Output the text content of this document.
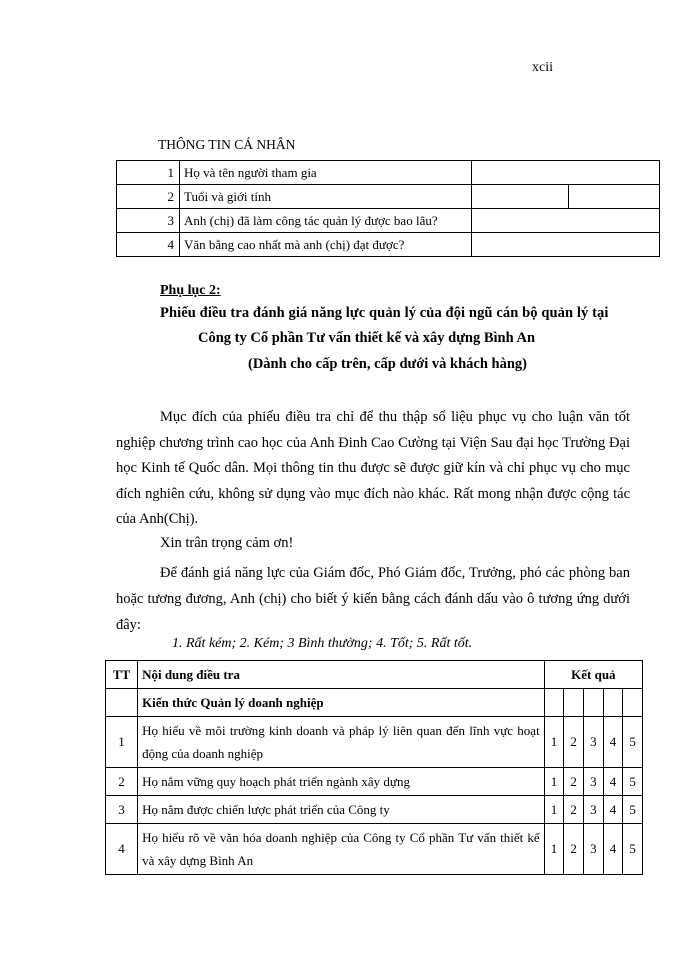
xcii
THÔNG TIN CÁ NHÂN
1	Họ và tên người tham gia		
2	Tuổi và giới tính		
3	Anh (chị) đã làm công tác quản lý được bao lâu?		
4	Văn bằng cao nhất mà anh (chị) đạt được?		
Phụ lục 2:
Phiếu điều tra đánh giá năng lực quản lý của đội ngũ cán bộ quản lý tại
Công ty Cổ phần Tư vấn thiết kế và xây dựng Bình An
(Dành cho cấp trên, cấp dưới và khách hàng)

Mục đích của phiếu điều tra chỉ để thu thập số liệu phục vụ cho luận văn tốt nghiệp chương trình cao học của Anh Đinh Cao Cường tại Viện Sau đại học Trường Đại học Kinh tế Quốc dân. Mọi thông tin thu được sẽ được giữ kín và chỉ phục vụ cho mục đích nghiên cứu, không sử dụng vào mục đích nào khác. Rất mong nhận được cộng tác của Anh(Chị).

Xin trân trọng cảm ơn!

Để đánh giá năng lực của Giám đốc, Phó Giám đốc, Trưởng, phó các phòng ban hoặc tương đương, Anh (chị) cho biết ý kiến bằng cách đánh dấu vào ô tương ứng dưới đây:

1. Rất kém; 2. Kém; 3 Bình thường; 4. Tốt; 5. Rất tốt.
TT	Nội dung điều tra	Kết quả				
	Kiến thức Quản lý doanh nghiệp					
1	Họ hiểu về môi trường kinh doanh và pháp lý liên quan đến lĩnh vực hoạt động của doanh nghiệp	1	2	3	4	5
2	Họ nắm vững quy hoạch phát triển ngành xây dựng	1	2	3	4	5
3	Họ nắm được chiến lược phát triển của Công ty	1	2	3	4	5
4	Họ hiểu rõ về văn hóa doanh nghiệp của Công ty Cổ phần Tư vấn thiết kế và xây dựng Bình An	1	2	3	4	5
